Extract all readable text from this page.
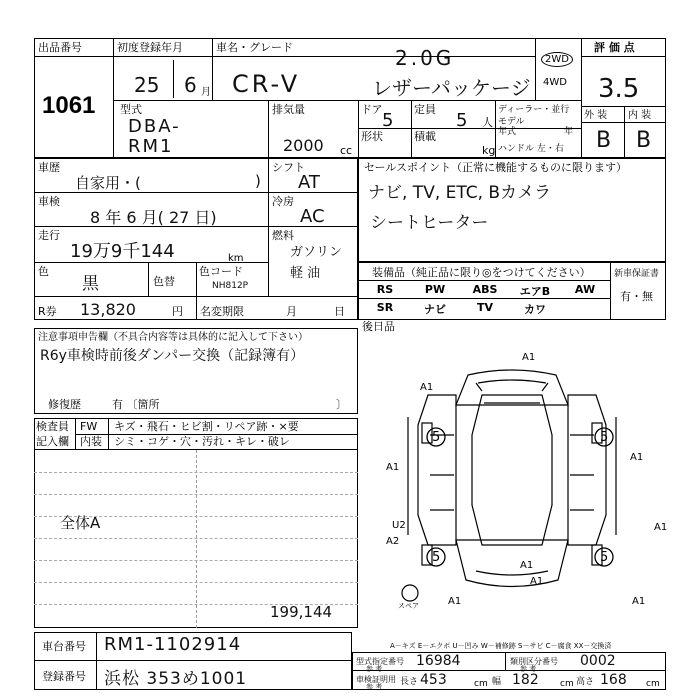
出品番号
1061
初度登録年月
25 6 月
車名・グレード	2.0G
CR-V	レザーパッケージ
2WD
4WD
評 価 点
3.5
外 装 内 装
B B
型式
DBA-
RM1
排気量
2000 cc
ドア
5
形状
定員
5 人
積載
kg
ディーラー・並行
モデル
年式	年
ハンドル 左・右
車歴
自家用・(	)
シフト
AT
車検
8 年 6 月( 27 日)
冷房
AC
走行
19万9千144	km
燃料
ガソリン
軽 油
色
黒	色替
色コード
NH812P
R券 13,820	円 名変期限	月	日
セールスポイント（正常に機能するものに限ります）
ナビ, TV, ETC, Bカメラ
シートヒーター
装備品（純正品に限り◎をつけてください）	新車保証書
有・無
RS	PW	ABS	エアB	AW
SR	ナビ	TV	カワ
後日品
注意事項申告欄（不具合内容等は具体的に記入して下さい）
R6y車検時前後ダンパー交換（記録簿有）
修復歴	有 〔箇所	〕
検査員
記入欄
FW
内装
キズ・飛石・ヒビ割・リペア跡・×要
シミ・コゲ・穴・汚れ・キレ・破レ
全体A
199,144
5	5
5	5
スペア
A1
A1
A1
U2
A2
A1
A1
A1	A1
A1
A1
A－キズ E－エクボ U－凹み W－補修跡 S－サビ C－腐食 XX－交換済
車台番号 RM1-1102914
登録番号 浜松 353め1001
型式指定番号
参 考 16984	類別区分番号
参 考	0002
車検証明用
参 考 長さ 453	cm 幅 182 cm 高さ 168 cm
